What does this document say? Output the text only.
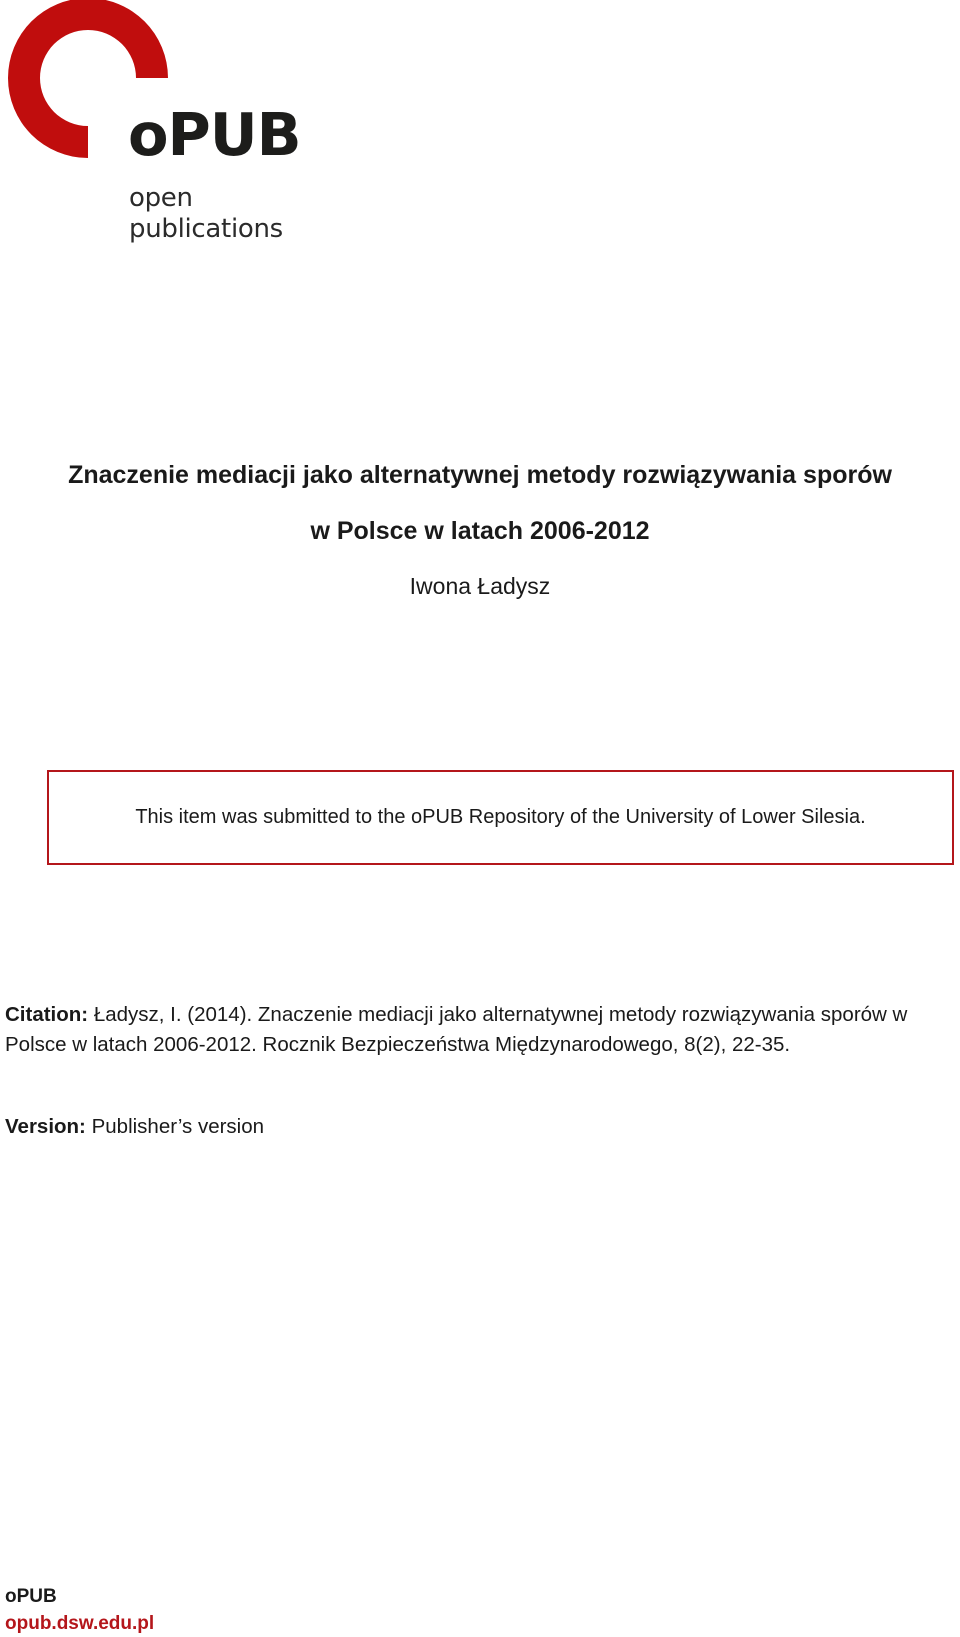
oPUB
open
publications
Znaczenie mediacji jako alternatywnej metody rozwiązywania sporów
w Polsce w latach 2006-2012
Iwona Ładysz
This item was submitted to the oPUB Repository of the University of Lower Silesia.
Citation: Ładysz, I. (2014). Znaczenie mediacji jako alternatywnej metody rozwiązywania sporów w Polsce w latach 2006-2012. Rocznik Bezpieczeństwa Międzynarodowego, 8(2), 22-35.
Version: Publisher’s version
oPUB
opub.dsw.edu.pl
